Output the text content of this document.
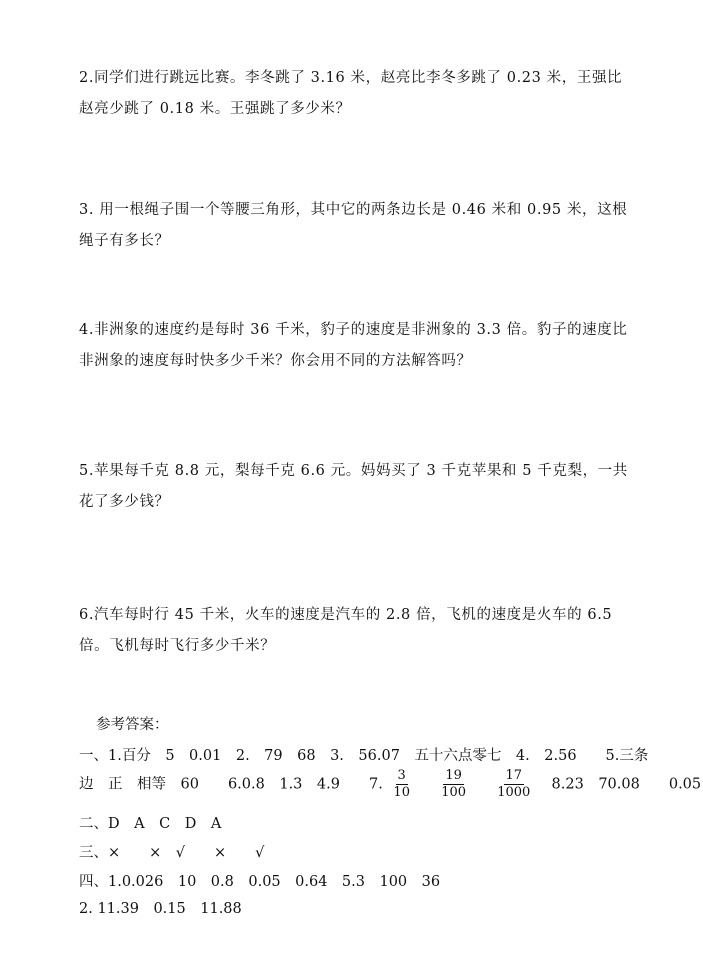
2.同学们进行跳远比赛。李冬跳了 3.16 米，赵亮比李冬多跳了 0.23 米，王强比赵亮少跳了 0.18 米。王强跳了多少米？

3. 用一根绳子围一个等腰三角形，其中它的两条边长是 0.46 米和 0.95 米，这根绳子有多长？

4.非洲象的速度约是每时 36 千米，豹子的速度是非洲象的 3.3 倍。豹子的速度比非洲象的速度每时快多少千米？你会用不同的方法解答吗？

5.苹果每千克 8.8 元，梨每千克 6.6 元。妈妈买了 3 千克苹果和 5 千克梨，一共花了多少钱？

6.汽车每时行 45 千米，火车的速度是汽车的 2.8 倍，飞机的速度是火车的 6.5 倍。飞机每时飞行多少千米？

参考答案：
一、1.百分　5　0.01　2.　79　68　3.　56.07　五十六点零七　4.　2.56　　5.三条
边　正　相等　60　　6.0.8　1.3　4.9　　7. $\frac{3}{10}$
$\frac{19}{100}$
$\frac{17}{1000} 8.23$　70.08　　0.05
二、D　A　C　D　A
三、×　　×　√　　×　　√
四、1.0.026　10　0.8　0.05　0.64　5.3　100　36
2. 11.39　0.15　11.88
